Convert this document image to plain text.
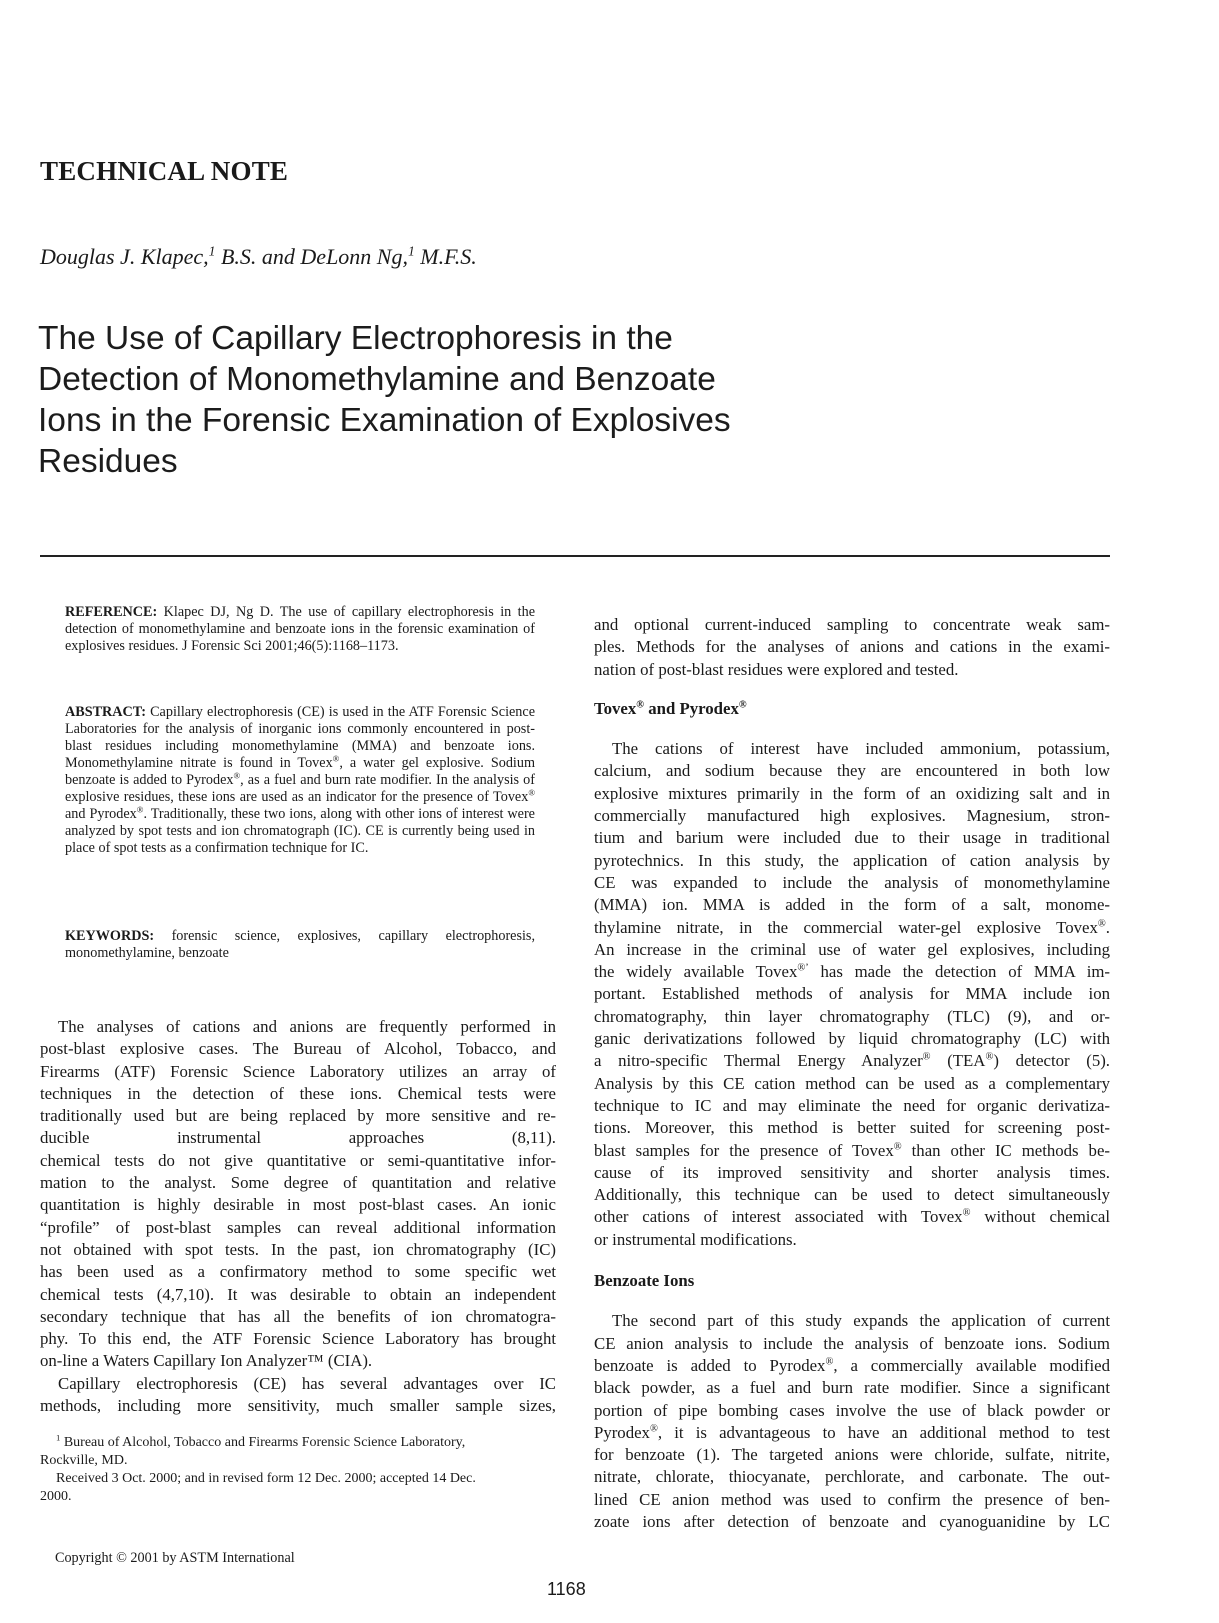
TECHNICAL NOTE
Douglas J. Klapec,$^1$ B.S. and DeLonn Ng,$^1$ M.F.S.
The Use of Capillary Electrophoresis in the
Detection of Monomethylamine and Benzoate
Ions in the Forensic Examination of Explosives
Residues
REFERENCE: Klapec DJ, Ng D. The use of capillary electrophoresis in the detection of monomethylamine and benzoate ions in the forensic examination of explosives residues. J Forensic Sci 2001;46(5):1168–1173.
ABSTRACT: Capillary electrophoresis (CE) is used in the ATF Forensic Science Laboratories for the analysis of inorganic ions commonly encountered in post-blast residues including monomethylamine (MMA) and benzoate ions. Monomethylamine nitrate is found in Tovex®, a water gel explosive. Sodium benzoate is added to Pyrodex®, as a fuel and burn rate modifier. In the analysis of explosive residues, these ions are used as an indicator for the presence of Tovex® and Pyrodex®. Traditionally, these two ions, along with other ions of interest were analyzed by spot tests and ion chromatograph (IC). CE is currently being used in place of spot tests as a confirmation technique for IC.
KEYWORDS: forensic science, explosives, capillary electrophoresis, monomethylamine, benzoate
The analyses of cations and anions are frequently performed in
post-blast explosive cases. The Bureau of Alcohol, Tobacco, and
Firearms (ATF) Forensic Science Laboratory utilizes an array of
techniques in the detection of these ions. Chemical tests were
traditionally used but are being replaced by more sensitive and re-
ducible instrumental approaches (8,11).
chemical tests do not give quantitative or semi-quantitative infor-
mation to the analyst. Some degree of quantitation and relative
quantitation is highly desirable in most post-blast cases. An ionic
“profile” of post-blast samples can reveal additional information
not obtained with spot tests. In the past, ion chromatography (IC)
has been used as a confirmatory method to some specific wet
chemical tests (4,7,10). It was desirable to obtain an independent
secondary technique that has all the benefits of ion chromatogra-
phy. To this end, the ATF Forensic Science Laboratory has brought
on-line a Waters Capillary Ion Analyzer™ (CIA).
Capillary electrophoresis (CE) has several advantages over IC
methods, including more sensitivity, much smaller sample sizes,
$^1$ Bureau of Alcohol, Tobacco and Firearms Forensic Science Laboratory,
Rockville, MD.
Received 3 Oct. 2000; and in revised form 12 Dec. 2000; accepted 14 Dec.
2000.
and optional current-induced sampling to concentrate weak sam-
ples. Methods for the analyses of anions and cations in the exami-
nation of post-blast residues were explored and tested.
Tovex® and Pyrodex®
The cations of interest have included ammonium, potassium,
calcium, and sodium because they are encountered in both low
explosive mixtures primarily in the form of an oxidizing salt and in
commercially manufactured high explosives. Magnesium, stron-
tium and barium were included due to their usage in traditional
pyrotechnics. In this study, the application of cation analysis by
CE was expanded to include the analysis of monomethylamine
(MMA) ion. MMA is added in the form of a salt, monome-
thylamine nitrate, in the commercial water-gel explosive Tovex®.
An increase in the criminal use of water gel explosives, including
the widely available Tovex®’ has made the detection of MMA im-
portant. Established methods of analysis for MMA include ion
chromatography, thin layer chromatography (TLC) (9), and or-
ganic derivatizations followed by liquid chromatography (LC) with
a nitro-specific Thermal Energy Analyzer® (TEA®) detector (5).
Analysis by this CE cation method can be used as a complementary
technique to IC and may eliminate the need for organic derivatiza-
tions. Moreover, this method is better suited for screening post-
blast samples for the presence of Tovex® than other IC methods be-
cause of its improved sensitivity and shorter analysis times.
Additionally, this technique can be used to detect simultaneously
other cations of interest associated with Tovex® without chemical
or instrumental modifications.
Benzoate Ions
The second part of this study expands the application of current
CE anion analysis to include the analysis of benzoate ions. Sodium
benzoate is added to Pyrodex®, a commercially available modified
black powder, as a fuel and burn rate modifier. Since a significant
portion of pipe bombing cases involve the use of black powder or
Pyrodex®, it is advantageous to have an additional method to test
for benzoate (1). The targeted anions were chloride, sulfate, nitrite,
nitrate, chlorate, thiocyanate, perchlorate, and carbonate. The out-
lined CE anion method was used to confirm the presence of ben-
zoate ions after detection of benzoate and cyanoguanidine by LC
Copyright © 2001 by ASTM International
1168
